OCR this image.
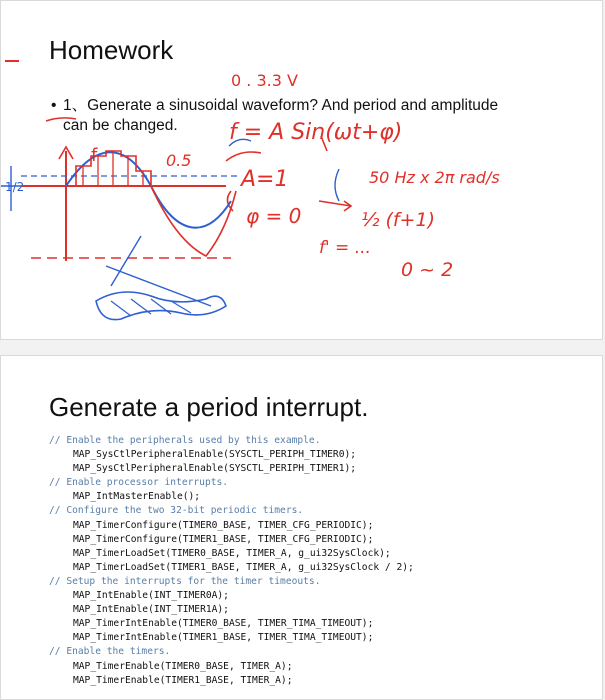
Homework
• 1、Generate a sinusoidal waveform? And period and amplitude
can be changed.
0 . 3.3 V
f = A Sin(ωt+φ)
A=1
φ = 0
50 Hz x 2π rad/s
½ (f+1)
f' = ...
0 ~ 2
0.5
f
1/2
Generate a period interrupt.
// Enable the peripherals used by this example.
MAP_SysCtlPeripheralEnable(SYSCTL_PERIPH_TIMER0);
MAP_SysCtlPeripheralEnable(SYSCTL_PERIPH_TIMER1);
// Enable processor interrupts.
MAP_IntMasterEnable();
// Configure the two 32-bit periodic timers.
MAP_TimerConfigure(TIMER0_BASE, TIMER_CFG_PERIODIC);
MAP_TimerConfigure(TIMER1_BASE, TIMER_CFG_PERIODIC);
MAP_TimerLoadSet(TIMER0_BASE, TIMER_A, g_ui32SysClock);
MAP_TimerLoadSet(TIMER1_BASE, TIMER_A, g_ui32SysClock / 2);
// Setup the interrupts for the timer timeouts.
MAP_IntEnable(INT_TIMER0A);
MAP_IntEnable(INT_TIMER1A);
MAP_TimerIntEnable(TIMER0_BASE, TIMER_TIMA_TIMEOUT);
MAP_TimerIntEnable(TIMER1_BASE, TIMER_TIMA_TIMEOUT);
// Enable the timers.
MAP_TimerEnable(TIMER0_BASE, TIMER_A);
MAP_TimerEnable(TIMER1_BASE, TIMER_A);
